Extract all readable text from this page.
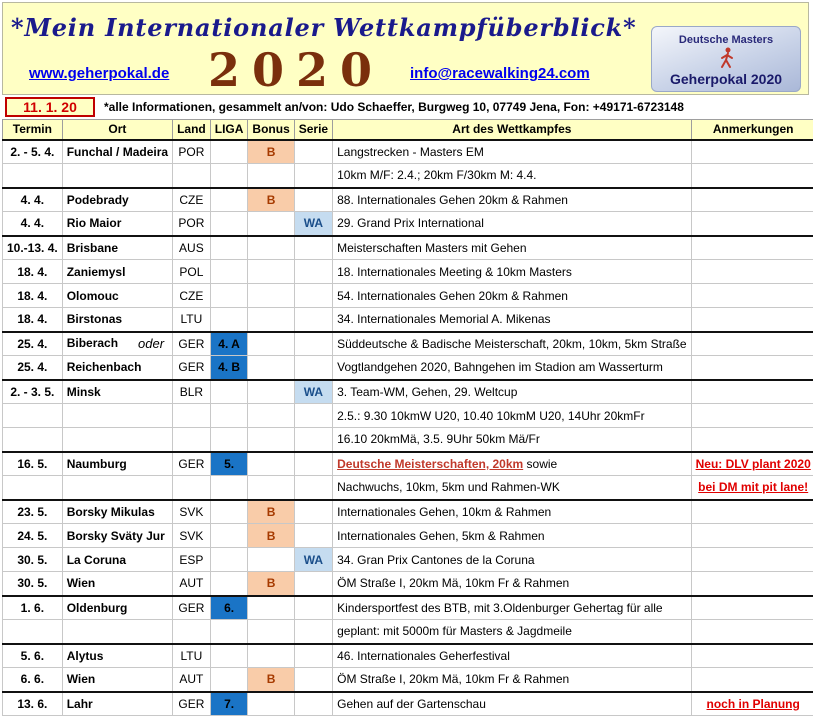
*Mein Internationaler Wettkampfüberblick*
www.geherpokal.de 2020 info@racewalking24.com
Deutsche Masters
Geherpokal 2020
11. 1. 20	*alle Informationen, gesammelt an/von: Udo Schaeffer, Burgweg 10, 07749 Jena, Fon: +49171-6723148
Termin	Ort	Land	LIGA	Bonus	Serie	Art des Wettkampfes	Anmerkungen
2. - 5. 4.	Funchal / Madeira	POR		B		Langstrecken - Masters EM	
						10km M/F: 2.4.; 20km F/30km M: 4.4.	
4. 4.	Podebrady	CZE		B		88. Internationales Gehen 20km & Rahmen	
4. 4.	Rio Maior	POR			WA	29. Grand Prix International	
10.-13. 4.	Brisbane	AUS				Meisterschaften Masters mit Gehen	
18. 4.	Zaniemysl	POL				18. Internationales Meeting & 10km Masters	
18. 4.	Olomouc	CZE				54. Internationales Gehen 20km & Rahmen	
18. 4.	Birstonas	LTU				34. Internationales Memorial A. Mikenas	
25. 4.	Biberach oder	GER	4. A			Süddeutsche & Badische Meisterschaft, 20km, 10km, 5km Straße	
25. 4.	Reichenbach	GER	4. B			Vogtlandgehen 2020, Bahngehen im Stadion am Wasserturm	
2. - 3. 5.	Minsk	BLR			WA	3. Team-WM, Gehen, 29. Weltcup	
						2.5.: 9.30 10kmW U20, 10.40 10kmM U20, 14Uhr 20kmFr	
						16.10 20kmMä, 3.5. 9Uhr 50km Mä/Fr	
16. 5.	Naumburg	GER	5.			Deutsche Meisterschaften, 20km sowie	Neu: DLV plant 2020
						Nachwuchs, 10km, 5km und Rahmen-WK	bei DM mit pit lane!
23. 5.	Borsky Mikulas	SVK		B		Internationales Gehen, 10km & Rahmen	
24. 5.	Borsky Sväty Jur	SVK		B		Internationales Gehen, 5km & Rahmen	
30. 5.	La Coruna	ESP			WA	34. Gran Prix Cantones de la Coruna	
30. 5.	Wien	AUT		B		ÖM Straße I, 20km Mä, 10km Fr & Rahmen	
1. 6.	Oldenburg	GER	6.			Kindersportfest des BTB, mit 3.Oldenburger Gehertag für alle	
						geplant: mit 5000m für Masters & Jagdmeile	
5. 6.	Alytus	LTU				46. Internationales Geherfestival	
6. 6.	Wien	AUT		B		ÖM Straße I, 20km Mä, 10km Fr & Rahmen	
13. 6.	Lahr	GER	7.			Gehen auf der Gartenschau	noch in Planung
